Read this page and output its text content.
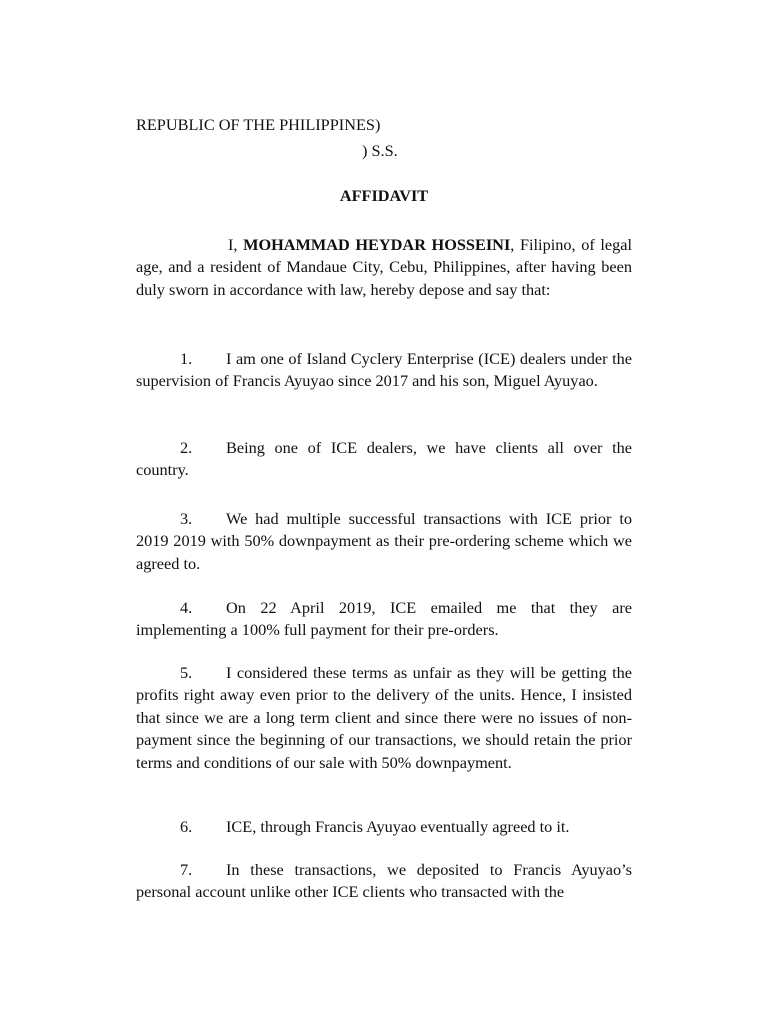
REPUBLIC OF THE PHILIPPINES)

) S.S.

AFFIDAVIT

I, MOHAMMAD HEYDAR HOSSEINI, Filipino, of legal age, and a resident of Mandaue City, Cebu, Philippines, after having been duly sworn in accordance with law, hereby depose and say that:

1. I am one of Island Cyclery Enterprise (ICE) dealers under the supervision of Francis Ayuyao since 2017 and his son, Miguel Ayuyao.

2. Being one of ICE dealers, we have clients all over the country.

3. We had multiple successful transactions with ICE prior to 2019 2019 with 50% downpayment as their pre-ordering scheme which we agreed to.

4. On 22 April 2019, ICE emailed me that they are implementing a 100% full payment for their pre-orders.

5. I considered these terms as unfair as they will be getting the profits right away even prior to the delivery of the units. Hence, I insisted that since we are a long term client and since there were no issues of non-payment since the beginning of our transactions, we should retain the prior terms and conditions of our sale with 50% downpayment.

6. ICE, through Francis Ayuyao eventually agreed to it.

7. In these transactions, we deposited to Francis Ayuyao’s personal account unlike other ICE clients who transacted with the
